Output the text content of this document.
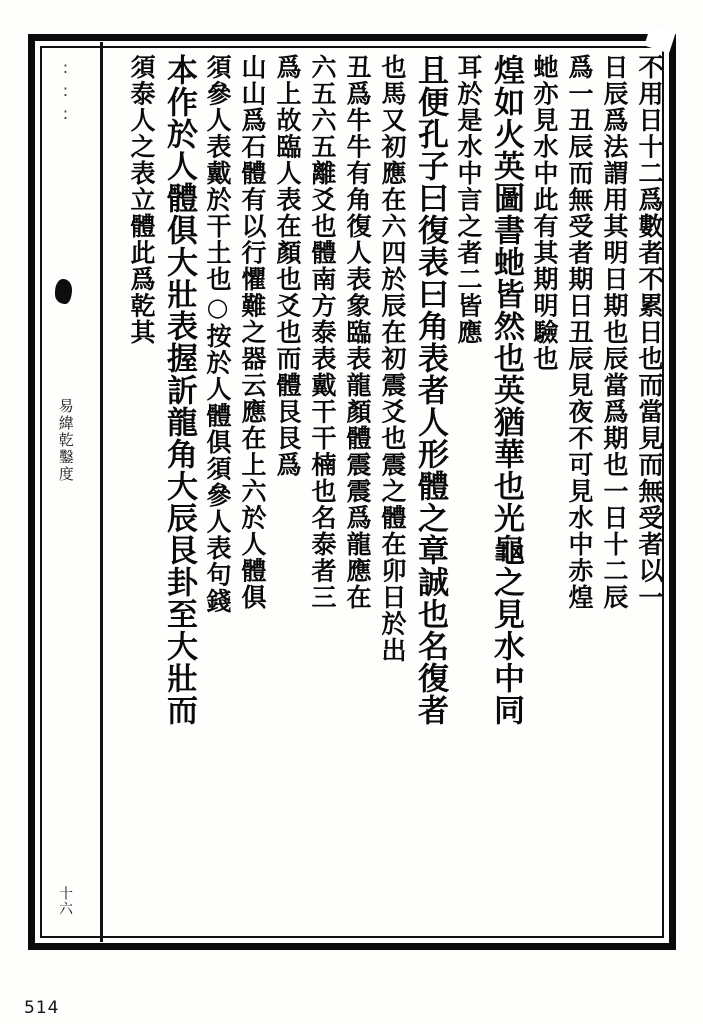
∶∶∶
易緯乾鑿度
十六
不用日十二爲數者不累日也而當見而無受者以一
日辰爲法謂用其明日期也辰當爲期也一日十二辰
爲一丑辰而無受者期日丑辰見夜不可見水中赤煌
虵亦見水中此有其期明驗也
煌如火英圖書虵皆然也英猶華也光龜之見水中同
耳於是水中言之者二皆應
且便孔子曰復表曰角表者人形體之章誠也名復者
也馬又初應在六四於辰在初震爻也震之體在卯日於出
丑爲牛牛有角復人表象臨表龍顏體震震爲龍應在
六五六五離爻也體南方泰表戴干干楠也名泰者三
爲上故臨人表在顏也爻也而體艮艮爲
山山爲石體有以行懼難之器云應在上六於人體俱
須參人表戴於干土也○按於人體俱須參人表句錢
本作於人體俱大壯表握訢龍角大辰艮卦至大壯而
須泰人之表立體此爲乾其
514
